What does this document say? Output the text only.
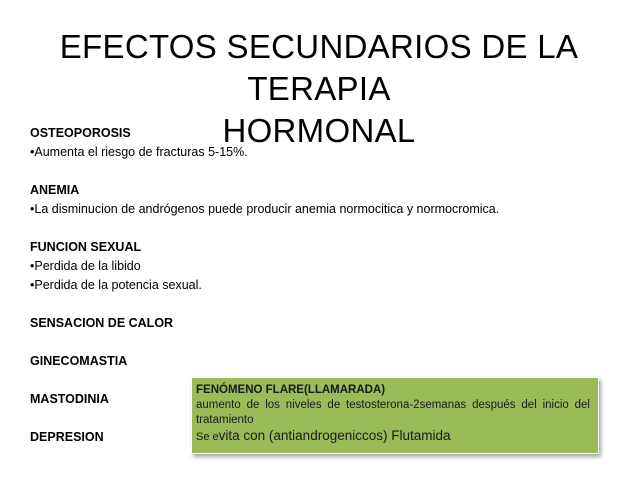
EFECTOS SECUNDARIOS DE LA TERAPIA
HORMONAL
OSTEOPOROSIS
•Aumenta el riesgo de fracturas 5-15%.
ANEMIA
•La disminucion de andrógenos puede producir anemia normocitica y normocromica.
FUNCION SEXUAL
•Perdida de la libido
•Perdida de la potencia sexual.
SENSACION DE CALOR
GINECOMASTIA
MASTODINIA
DEPRESION
FENÓMENO FLARE(LLAMARADA)
aumento de los niveles de testosterona-2semanas después del inicio del tratamiento
Se evita con (antiandrogeniccos) Flutamida
